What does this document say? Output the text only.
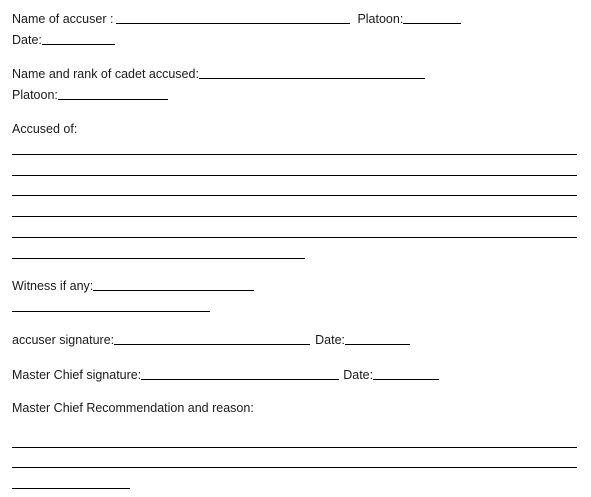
Name of accuser :	Platoon:
Date:
Name and rank of cadet accused:
Platoon:
Accused of:
Witness if any:
accuser signature:	Date:
Master Chief signature:	Date:
Master Chief Recommendation and reason:
